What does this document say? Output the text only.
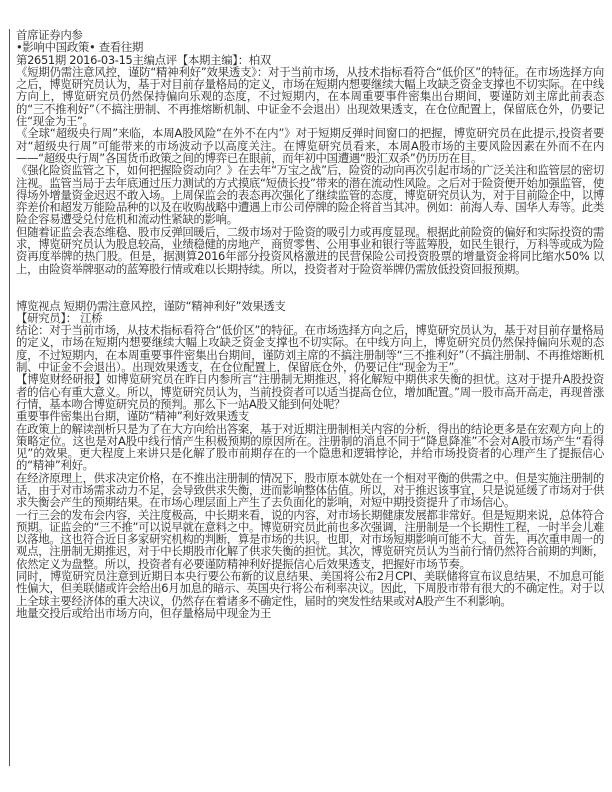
首席证券内参
•影响中国政策• 查看往期
第2651期 2016-03-15主编点评【本期主编】：柏双

《短期仍需注意风控，谨防“精神利好”效果透支》：对于当前市场，从技术指标看符合“低价区”的特征。在市场选择方向之后，博览研究员认为，基于对目前存量格局的定义，市场在短期内想要继续大幅上攻缺乏资金支撑也不切实际。在中线方向上，博览研究员仍然保持偏向乐观的态度，不过短期内，在本周重要事件密集出台期间，要谨防刘主席此前表态的“三不推利好”（不搞注册制、不再推熔断机制、中证金不会退出）出现效果透支，在仓位配置上，保留底仓外，仍要记住“现金为王”。

《全球“超级央行周”来临，本周A股风险“在外不在内”》对于短期反弹时间窗口的把握，博览研究员在此提示,投资者要对“超级央行周”可能带来的市场波动予以高度关注。在博览研究员看来，本周A股市场的主要风险因素在外而不在内——“超级央行周”各国货币政策之间的博弈已在眼前，而年初中国遭遇“股汇双杀”仍历历在目。

《强化险资监管之下，如何把握险资动向？》在去年“万宝之战”后，险资的动向再次引起市场的广泛关注和监管层的密切注视。监管当局于去年底通过压力测试的方式摸底“短债长投”带来的潜在流动性风险。之后对于险资便开始加强监管，使得场外增量资金迟迟不敢入场。上周保监会的表态再次强化了继续监管的态度，博览研究员认为，对于目前险企中，以博弈差价和超发万能险品种的以及在收购战略中遭遇上市公司停牌的险企将首当其冲。例如：前海人寿、国华人寿等。此类险企容易遭受兑付危机和流动性紧缺的影响。

但随着证监会表态维稳、股市反弹回暖后，二级市场对于险资的吸引力或再度显现。根据此前险资的偏好和实际投资的需求，博览研究员认为股息较高，业绩稳健的房地产，商贸零售、公用事业和银行等蓝筹股，如民生银行，万科等或成为险资再度举牌的热门股。但是，据测算2016年部分投资风格激进的民营保险公司投资股票的增量资金将同比缩水50% 以上，由险资举牌驱动的蓝筹股行情或难以长期持续。所以，投资者对于险资举牌仍需放低投资回报预期。

博览视点 短期仍需注意风控，谨防“精神利好”效果透支
【研究员】： 江桥

结论：对于当前市场，从技术指标看符合“低价区”的特征。在市场选择方向之后，博览研究员认为，基于对目前存量格局的定义，市场在短期内想要继续大幅上攻缺乏资金支撑也不切实际。在中线方向上，博览研究员仍然保持偏向乐观的态度，不过短期内，在本周重要事件密集出台期间，谨防刘主席的不搞注册制等“三不推利好”（不搞注册制、不再推熔断机制、中证金不会退出）。出现效果透支，在仓位配置上，保留底仓外，仍要记住“现金为王”。

【博览财经研报】如博览研究员在昨日内参所言“注册制无期推迟，将化解短中期供求失衡的担忧。这对于提升A股投资者的信心有重大意义。所以，博览研究员认为，当前投资者可以适当提高仓位，增加配置。”周一股市高开高走，再现普涨行情，基本吻合博览研究员的预判。那么下一站A股又能到何处呢？

重要事件密集出台期，谨防“精神”利好效果透支

在政策上的解读剖析只是为了在大方向给出答案，基于对近期注册制相关内容的分析，得出的结论更多是在宏观方向上的策略定位。这也是对A股中线行情产生积极预期的原因所在。注册制的消息不同于“降息降准”不会对A股市场产生“看得见”的效果。更大程度上来讲只是化解了股市前期存在的一个隐患和逻辑悖论，并给市场投资者的心理产生了提振信心的“精神”利好。

在经济原理上，供求决定价格，在不推出注册制的情况下，股市原本就处在一个相对平衡的供需之中。但是实施注册制的话，由于对市场需求动力不足，会导致供求失衡，进而影响整体估值。所以，对于推迟该事宜，只是说延缓了市场对于供求失衡会产生的预期结果。在市场心理层面上产生了去负面化的影响，对短中期投资提升了市场信心。

一行三会的发布会内容，关注度极高，中长期来看，说的内容，对市场长期健康发展都非常好。但是短期来说，总体符合预期。证监会的“三不推”可以说早就在意料之中。博览研究员此前也多次强调，注册制是一个长期性工程，一时半会儿难以落地。这也符合近日多家研究机构的判断，算是市场的共识。也即，对市场短期影响可能不大。首先，再次重申周一的观点，注册制无期推迟，对于中长期股市化解了供求失衡的担忧。其次，博览研究员认为当前行情仍然符合前期的判断，依然定义为盘整。所以，投资者有必要谨防精神利好提振信心后效果透支，把握好市场节奏。

同时，博览研究员注意到近期日本央行要公布新的议息结果、美国将公布2月CPI、美联储将宣布议息结果，不加息可能性偏大，但美联储或许会给出6月加息的暗示、英国央行将公布利率决议。因此，下周股市带有很大的不确定性。对于以上全球主要经济体的重大决议，仍然存在着诸多不确定性，届时的突发性结果或对A股产生不利影响。

地量交投后或给出市场方向，但存量格局中现金为王
